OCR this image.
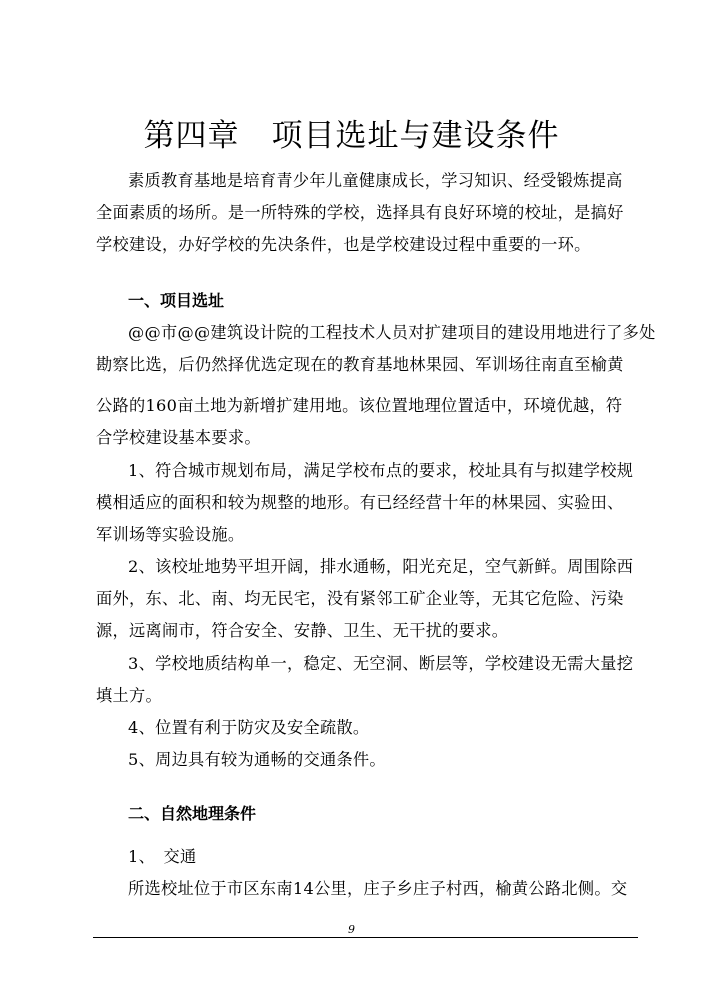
第四章　项目选址与建设条件
素质教育基地是培育青少年儿童健康成长，学习知识、经受锻炼提高
全面素质的场所。是一所特殊的学校，选择具有良好环境的校址，是搞好
学校建设，办好学校的先决条件，也是学校建设过程中重要的一环。
一、项目选址
@@市@@建筑设计院的工程技术人员对扩建项目的建设用地进行了多处
勘察比选，后仍然择优选定现在的教育基地林果园、军训场往南直至榆黄
公路的160亩土地为新增扩建用地。该位置地理位置适中，环境优越，符
合学校建设基本要求。
1、符合城市规划布局，满足学校布点的要求，校址具有与拟建学校规
模相适应的面积和较为规整的地形。有已经经营十年的林果园、实验田、
军训场等实验设施。
2、该校址地势平坦开阔，排水通畅，阳光充足，空气新鲜。周围除西
面外，东、北、南、均无民宅，没有紧邻工矿企业等，无其它危险、污染
源，远离闹市，符合安全、安静、卫生、无干扰的要求。
3、学校地质结构单一，稳定、无空洞、断层等，学校建设无需大量挖
填土方。
4、位置有利于防灾及安全疏散。
5、周边具有较为通畅的交通条件。
二、自然地理条件
1、　交通
所选校址位于市区东南14公里，庄子乡庄子村西，榆黄公路北侧。交
9
